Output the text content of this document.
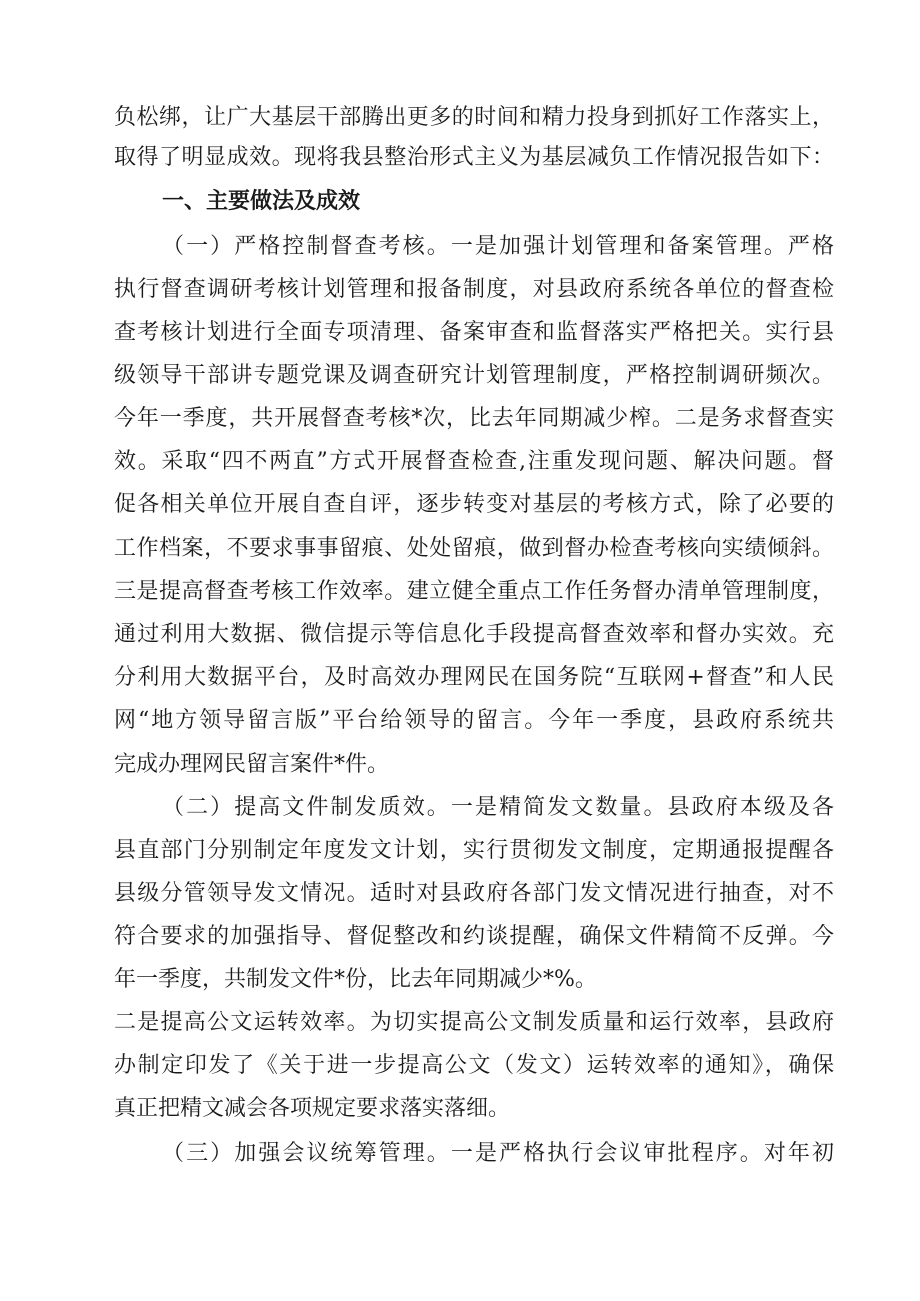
负松绑，让广大基层干部腾出更多的时间和精力投身到抓好工作落实上，
取得了明显成效。现将我县整治形式主义为基层减负工作情况报告如下：
一、主要做法及成效
（一）严格控制督查考核。一是加强计划管理和备案管理。严格
执行督查调研考核计划管理和报备制度，对县政府系统各单位的督查检
查考核计划进行全面专项清理、备案审查和监督落实严格把关。实行县
级领导干部讲专题党课及调查研究计划管理制度，严格控制调研频次。
今年一季度，共开展督查考核*次，比去年同期减少榨。二是务求督查实
效。采取“四不两直”方式开展督查检查,注重发现问题、解决问题。督
促各相关单位开展自查自评，逐步转变对基层的考核方式，除了必要的
工作档案，不要求事事留痕、处处留痕，做到督办检查考核向实绩倾斜。
三是提高督查考核工作效率。建立健全重点工作任务督办清单管理制度，
通过利用大数据、微信提示等信息化手段提高督查效率和督办实效。充
分利用大数据平台，及时高效办理网民在国务院“互联网+督查”和人民
网“地方领导留言版”平台给领导的留言。今年一季度，县政府系统共
完成办理网民留言案件*件。
（二）提高文件制发质效。一是精简发文数量。县政府本级及各
县直部门分别制定年度发文计划，实行贯彻发文制度，定期通报提醒各
县级分管领导发文情况。适时对县政府各部门发文情况进行抽查，对不
符合要求的加强指导、督促整改和约谈提醒，确保文件精简不反弹。今
年一季度，共制发文件*份，比去年同期减少*%。
二是提高公文运转效率。为切实提高公文制发质量和运行效率，县政府
办制定印发了《关于进一步提高公文（发文）运转效率的通知》，确保
真正把精文减会各项规定要求落实落细。
（三）加强会议统筹管理。一是严格执行会议审批程序。对年初
